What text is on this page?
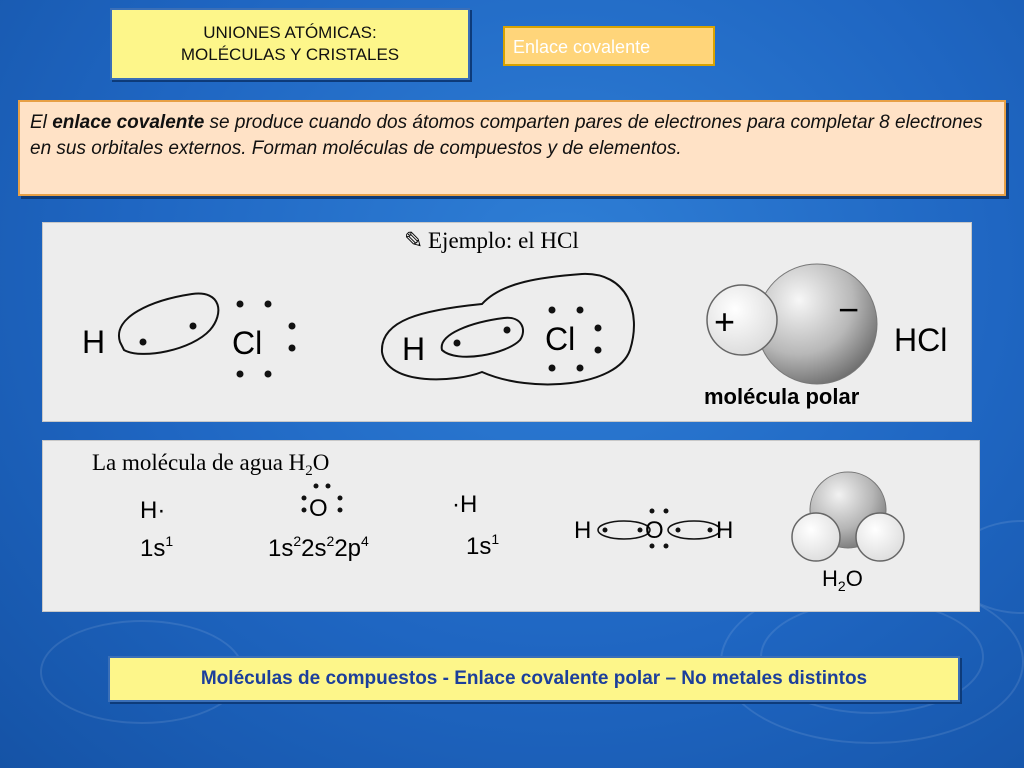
UNIONES ATÓMICAS:
MOLÉCULAS Y CRISTALES	Enlace covalente
El enlace covalente se produce cuando dos átomos comparten pares de electrones para completar 8 electrones en sus orbitales externos. Forman moléculas de compuestos y de elementos.
✎ Ejemplo: el HCl
H	Cl	H	Cl	+	−
HCl
molécula polar
La molécula de agua $H_2O$
H·
$1s^1$
O
$1s^22s^22p^4$
·H
$1s^1$	H O H
$H_2O$
Moléculas de compuestos - Enlace covalente polar – No metales distintos
